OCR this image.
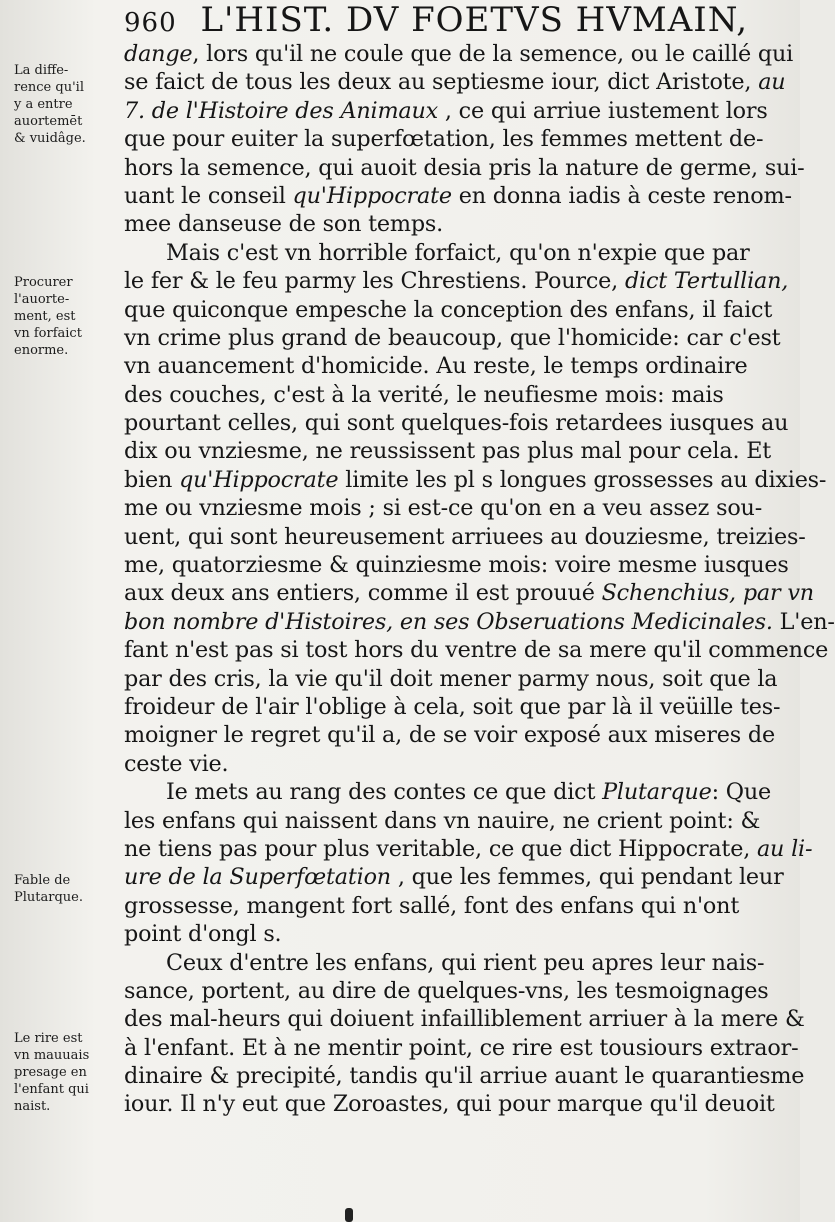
960 L'HIST. DV FOETVS HVMAIN,
La diffe-
rence qu'il
y a entre
auortemēt
& vuidâge.
Procurer
l'auorte-
ment, est
vn forfaict
enorme.
Fable de
Plutarque.
Le rire est
vn mauuais
presage en
l'enfant qui
naist.
dange, lors qu'il ne coule que de la semence, ou le caillé qui
se faict de tous les deux au septiesme iour, dict Aristote, au
7. de l'Histoire des Animaux , ce qui arriue iustement lors
que pour euiter la superfœtation, les femmes mettent de-
hors la semence, qui auoit desia pris la nature de germe, sui-
uant le conseil qu'Hippocrate en donna iadis à ceste renom-
mee danseuse de son temps.
Mais c'est vn horrible forfaict, qu'on n'expie que par
le fer & le feu parmy les Chrestiens. Pource, dict Tertullian,
que quiconque empesche la conception des enfans, il faict
vn crime plus grand de beaucoup, que l'homicide: car c'est
vn auancement d'homicide. Au reste, le temps ordinaire
des couches, c'est à la verité, le neufiesme mois: mais
pourtant celles, qui sont quelques-fois retardees iusques au
dix ou vnziesme, ne reussissent pas plus mal pour cela. Et
bien qu'Hippocrate limite les pl s longues grossesses au dixies-
me ou vnziesme mois ; si est-ce qu'on en a veu assez sou-
uent, qui sont heureusement arriuees au douziesme, treizies-
me, quatorziesme & quinziesme mois: voire mesme iusques
aux deux ans entiers, comme il est prouué Schenchius, par vn
bon nombre d'Histoires, en ses Obseruations Medicinales. L'en-
fant n'est pas si tost hors du ventre de sa mere qu'il commence
par des cris, la vie qu'il doit mener parmy nous, soit que la
froideur de l'air l'oblige à cela, soit que par là il veüille tes-
moigner le regret qu'il a, de se voir exposé aux miseres de
ceste vie.
Ie mets au rang des contes ce que dict Plutarque: Que
les enfans qui naissent dans vn nauire, ne crient point: &
ne tiens pas pour plus veritable, ce que dict Hippocrate, au li-
ure de la Superfœtation , que les femmes, qui pendant leur
grossesse, mangent fort sallé, font des enfans qui n'ont
point d'ongl s.
Ceux d'entre les enfans, qui rient peu apres leur nais-
sance, portent, au dire de quelques-vns, les tesmoignages
des mal-heurs qui doiuent infailliblement arriuer à la mere &
à l'enfant. Et à ne mentir point, ce rire est tousiours extraor-
dinaire & precipité, tandis qu'il arriue auant le quarantiesme
iour. Il n'y eut que Zoroastes, qui pour marque qu'il deuoit
